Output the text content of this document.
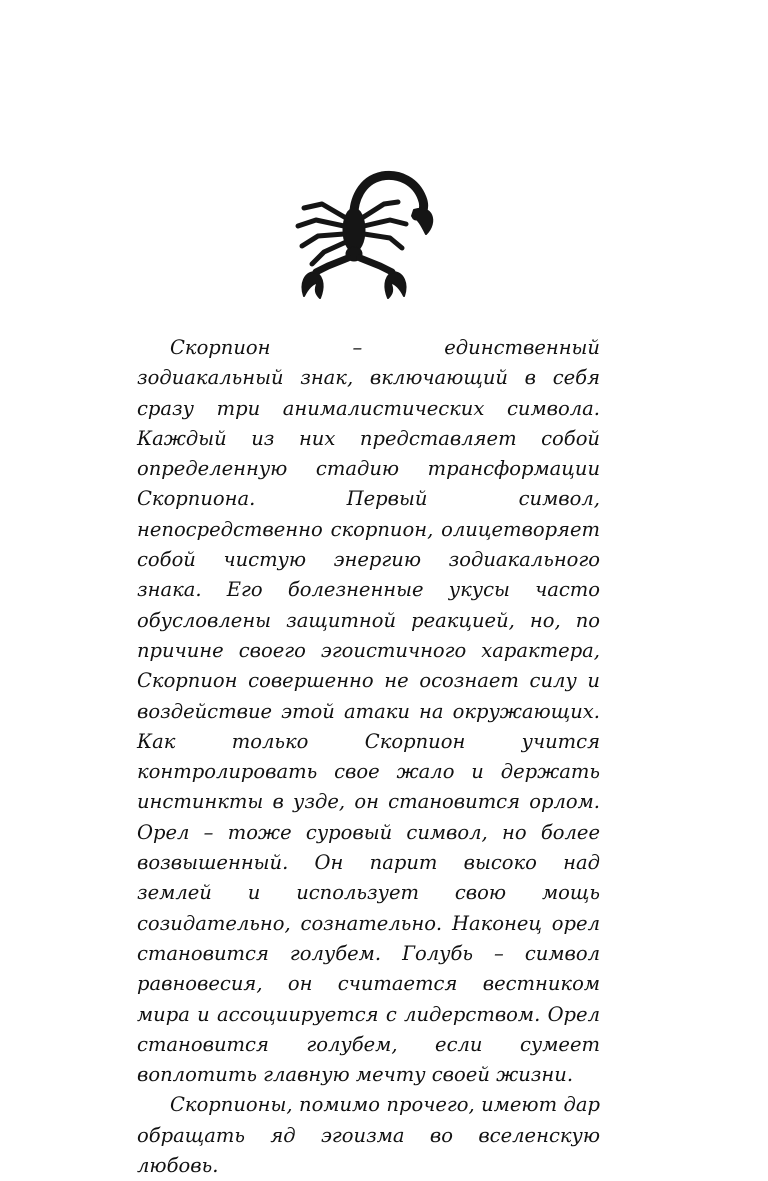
Скорпион – единственный зодиакальный знак, включающий в себя сразу три анималистических символа. Каждый из них представляет собой определенную стадию трансформации Скорпиона. Первый символ, непосредственно скорпион, олицетворяет собой чистую энергию зодиакального знака. Его болезненные укусы часто обусловлены защитной реакцией, но, по причине своего эгоистичного характера, Скорпион совершенно не осознает силу и воздействие этой атаки на окружающих. Как только Скорпион учится контролировать свое жало и держать инстинкты в узде, он становится орлом. Орел – тоже суровый символ, но более возвышенный. Он парит высоко над землей и использует свою мощь созидательно, сознательно. Наконец орел становится голубем. Голубь – символ равновесия, он считается вестником мира и ассоциируется с лидерством. Орел становится голубем, если сумеет воплотить главную мечту своей жизни.

Скорпионы, помимо прочего, имеют дар обращать яд эгоизма во вселенскую любовь.
